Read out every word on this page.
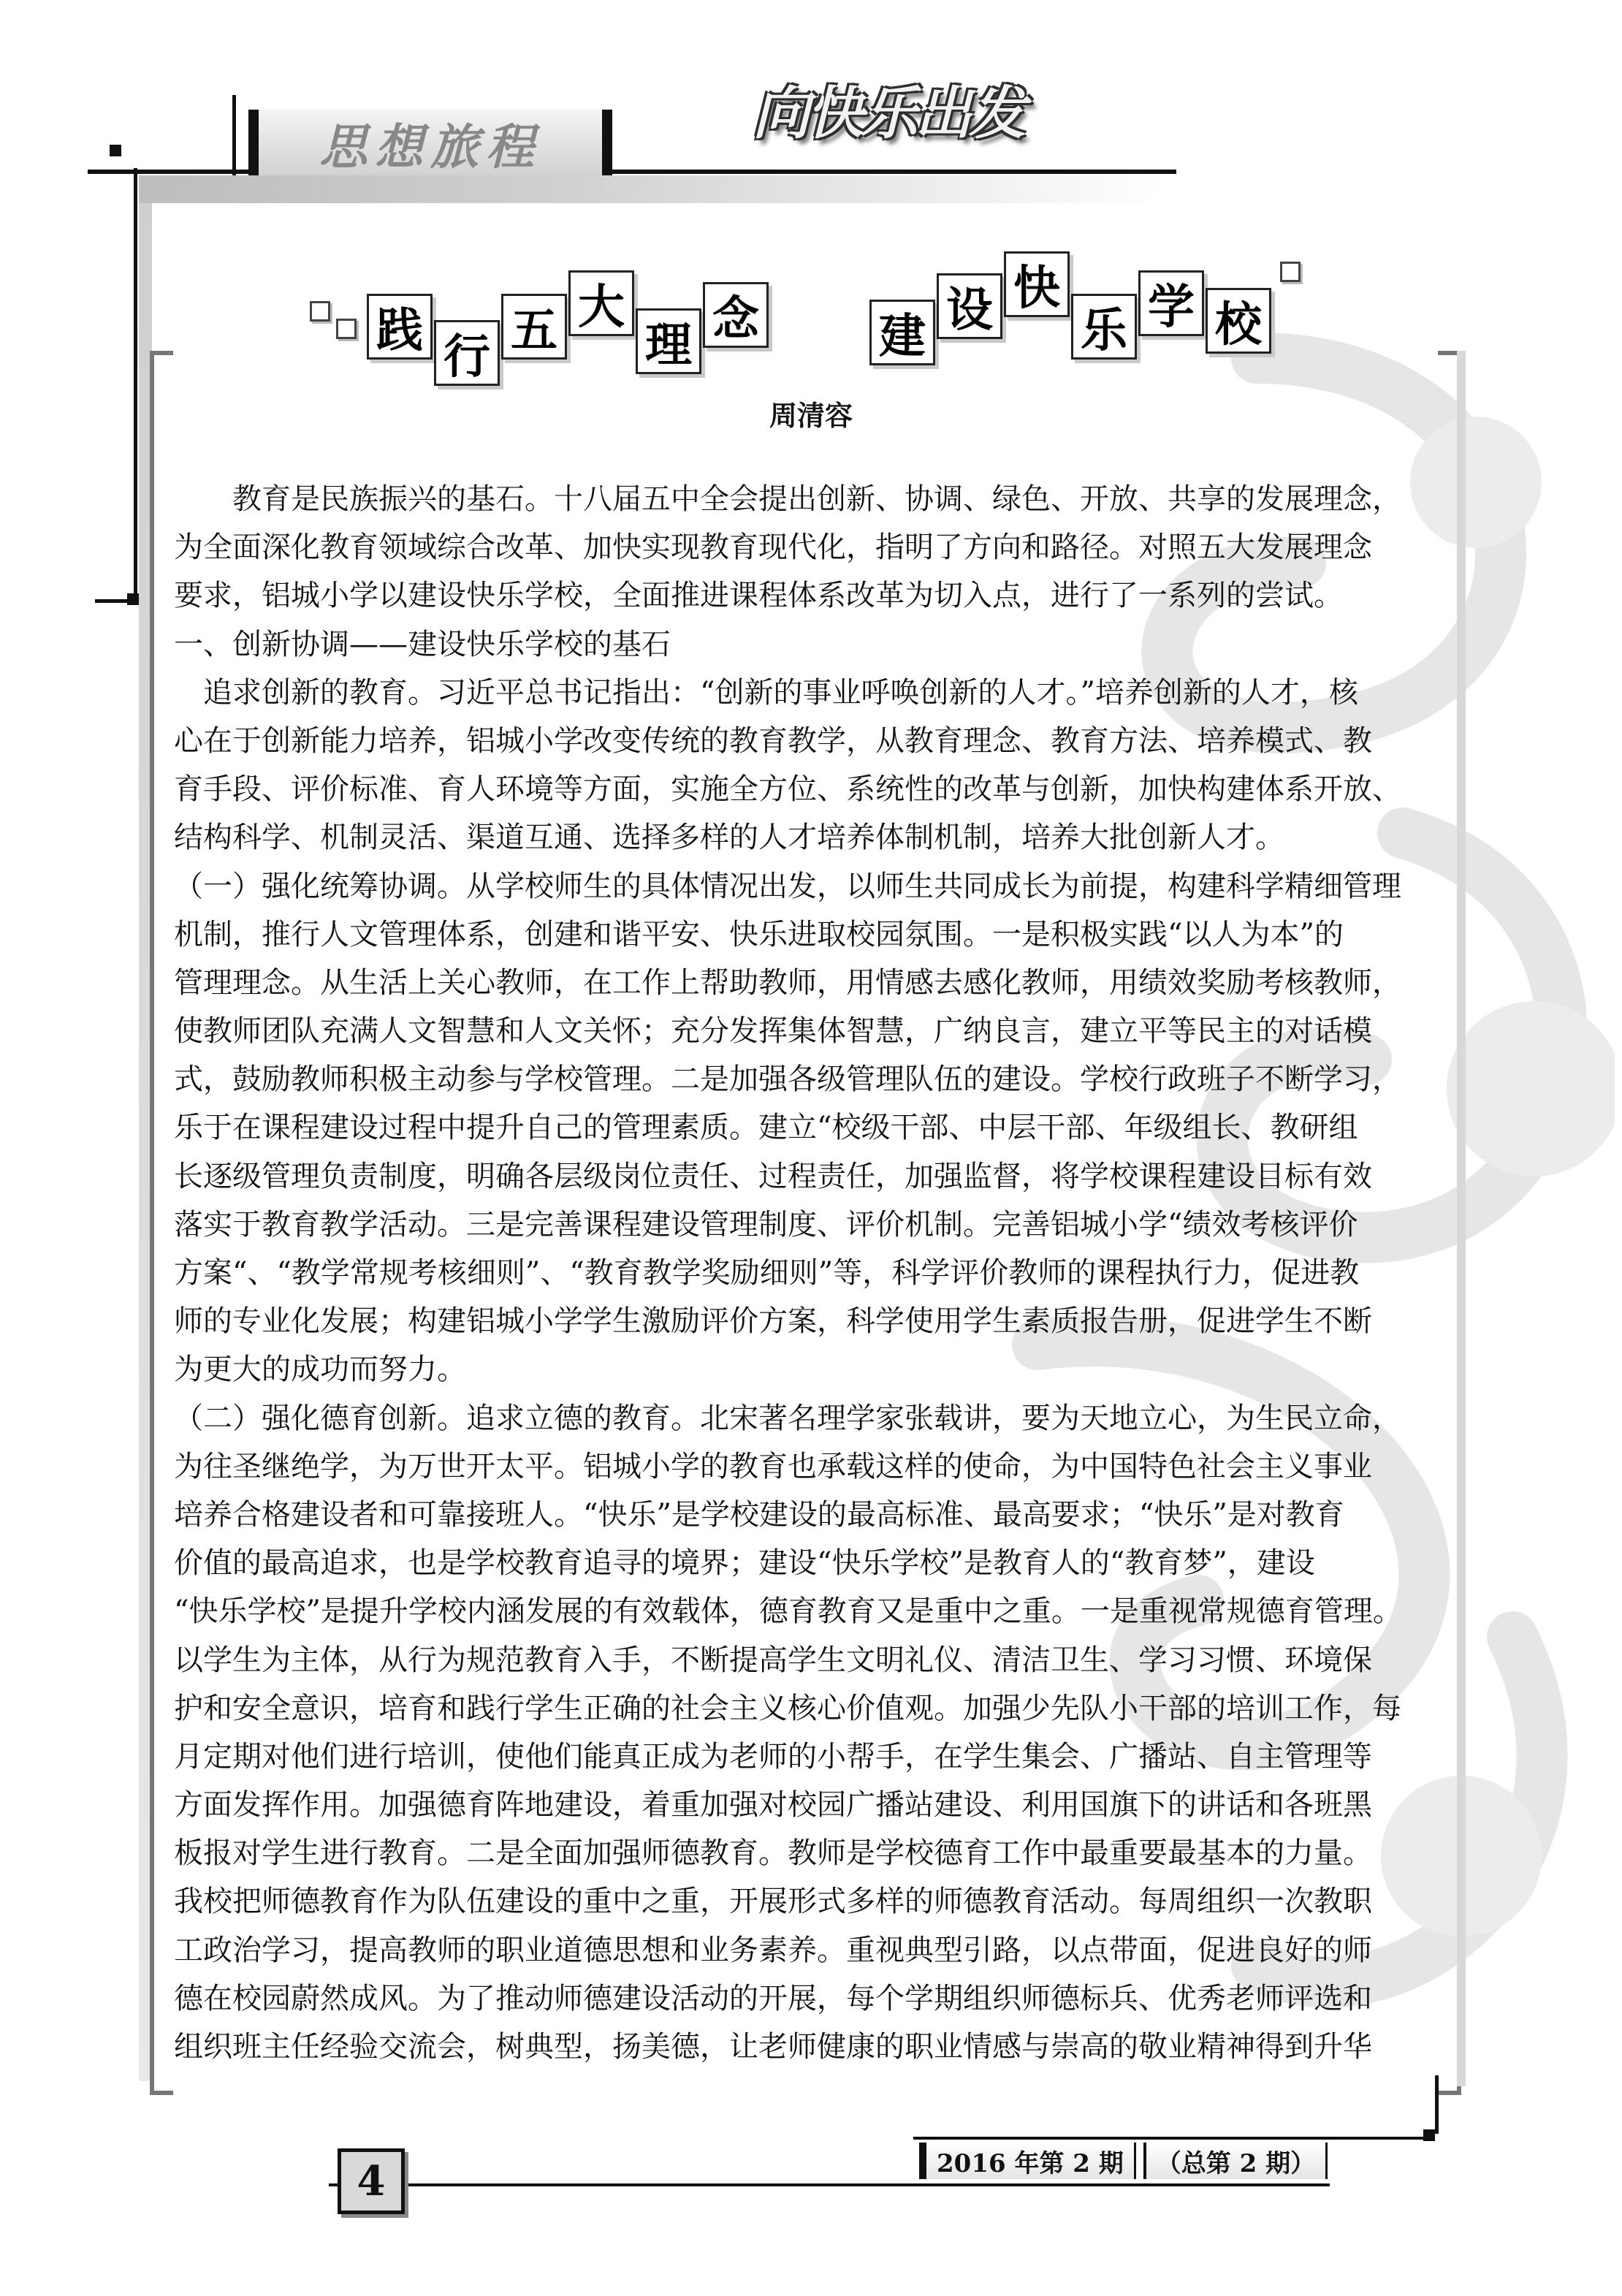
思想旅程	向快乐出发
践 行 五 大
理 念	建 设 快
乐 学 校
周清容
教育是民族振兴的基石。十八届五中全会提出创新、协调、绿色、开放、共享的发展理念，
为全面深化教育领域综合改革、加快实现教育现代化，指明了方向和路径。对照五大发展理念
要求，铝城小学以建设快乐学校，全面推进课程体系改革为切入点，进行了一系列的尝试。
一、创新协调——建设快乐学校的基石
追求创新的教育。习近平总书记指出：“创新的事业呼唤创新的人才。”培养创新的人才，核
心在于创新能力培养，铝城小学改变传统的教育教学，从教育理念、教育方法、培养模式、教
育手段、评价标准、育人环境等方面，实施全方位、系统性的改革与创新，加快构建体系开放、
结构科学、机制灵活、渠道互通、选择多样的人才培养体制机制，培养大批创新人才。
（一）强化统筹协调。从学校师生的具体情况出发，以师生共同成长为前提，构建科学精细管理
机制，推行人文管理体系，创建和谐平安、快乐进取校园氛围。一是积极实践“以人为本”的
管理理念。从生活上关心教师，在工作上帮助教师，用情感去感化教师，用绩效奖励考核教师，
使教师团队充满人文智慧和人文关怀；充分发挥集体智慧，广纳良言，建立平等民主的对话模
式，鼓励教师积极主动参与学校管理。二是加强各级管理队伍的建设。学校行政班子不断学习，
乐于在课程建设过程中提升自己的管理素质。建立“校级干部、中层干部、年级组长、教研组
长逐级管理负责制度，明确各层级岗位责任、过程责任，加强监督，将学校课程建设目标有效
落实于教育教学活动。三是完善课程建设管理制度、评价机制。完善铝城小学“绩效考核评价
方案“、“教学常规考核细则”、“教育教学奖励细则”等，科学评价教师的课程执行力，促进教
师的专业化发展；构建铝城小学学生激励评价方案，科学使用学生素质报告册，促进学生不断
为更大的成功而努力。
（二）强化德育创新。追求立德的教育。北宋著名理学家张载讲，要为天地立心，为生民立命，
为往圣继绝学，为万世开太平。铝城小学的教育也承载这样的使命，为中国特色社会主义事业
培养合格建设者和可靠接班人。“快乐”是学校建设的最高标准、最高要求；“快乐”是对教育
价值的最高追求，也是学校教育追寻的境界；建设“快乐学校”是教育人的“教育梦”，建设
“快乐学校”是提升学校内涵发展的有效载体，德育教育又是重中之重。一是重视常规德育管理。
以学生为主体，从行为规范教育入手，不断提高学生文明礼仪、清洁卫生、学习习惯、环境保
护和安全意识，培育和践行学生正确的社会主义核心价值观。加强少先队小干部的培训工作，每
月定期对他们进行培训，使他们能真正成为老师的小帮手，在学生集会、广播站、自主管理等
方面发挥作用。加强德育阵地建设，着重加强对校园广播站建设、利用国旗下的讲话和各班黑
板报对学生进行教育。二是全面加强师德教育。教师是学校德育工作中最重要最基本的力量。
我校把师德教育作为队伍建设的重中之重，开展形式多样的师德教育活动。每周组织一次教职
工政治学习，提高教师的职业道德思想和业务素养。重视典型引路，以点带面，促进良好的师
德在校园蔚然成风。为了推动师德建设活动的开展，每个学期组织师德标兵、优秀老师评选和
组织班主任经验交流会，树典型，扬美德，让老师健康的职业情感与崇高的敬业精神得到升华
4	2016 年第 2 期	（总第 2 期）
